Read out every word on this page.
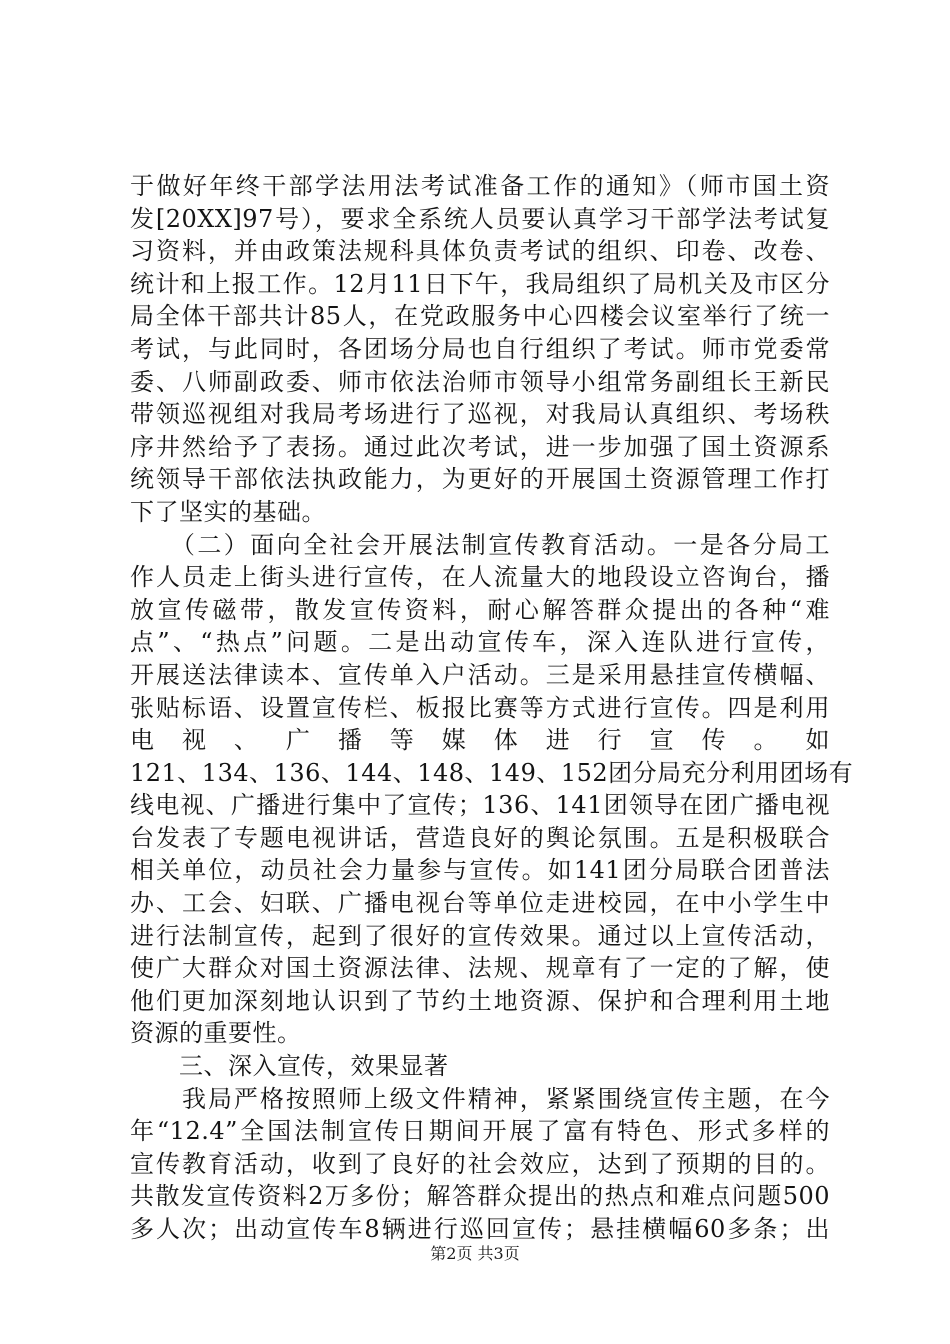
于做好年终干部学法用法考试准备工作的通知》（师市国土资
发[20XX]97号），要求全系统人员要认真学习干部学法考试复
习资料，并由政策法规科具体负责考试的组织、印卷、改卷、
统计和上报工作。12月11日下午，我局组织了局机关及市区分
局全体干部共计85人，在党政服务中心四楼会议室举行了统一
考试，与此同时，各团场分局也自行组织了考试。师市党委常
委、八师副政委、师市依法治师市领导小组常务副组长王新民
带领巡视组对我局考场进行了巡视，对我局认真组织、考场秩
序井然给予了表扬。通过此次考试，进一步加强了国土资源系
统领导干部依法执政能力，为更好的开展国土资源管理工作打
下了坚实的基础。
　　（二）面向全社会开展法制宣传教育活动。一是各分局工
作人员走上街头进行宣传，在人流量大的地段设立咨询台，播
放宣传磁带，散发宣传资料，耐心解答群众提出的各种“难
点”、“热点”问题。二是出动宣传车，深入连队进行宣传，
开展送法律读本、宣传单入户活动。三是采用悬挂宣传横幅、
张贴标语、设置宣传栏、板报比赛等方式进行宣传。四是利用
电视、广播等媒体进行宣传。如
121、134、136、144、148、149、152团分局充分利用团场有
线电视、广播进行集中了宣传；136、141团领导在团广播电视
台发表了专题电视讲话，营造良好的舆论氛围。五是积极联合
相关单位，动员社会力量参与宣传。如141团分局联合团普法
办、工会、妇联、广播电视台等单位走进校园，在中小学生中
进行法制宣传，起到了很好的宣传效果。通过以上宣传活动，
使广大群众对国土资源法律、法规、规章有了一定的了解，使
他们更加深刻地认识到了节约土地资源、保护和合理利用土地
资源的重要性。
　　三、深入宣传，效果显著
　　我局严格按照师上级文件精神，紧紧围绕宣传主题，在今
年“12.4”全国法制宣传日期间开展了富有特色、形式多样的
宣传教育活动，收到了良好的社会效应，达到了预期的目的。
共散发宣传资料2万多份；解答群众提出的热点和难点问题500
多人次；出动宣传车8辆进行巡回宣传；悬挂横幅60多条；出
第2页 共3页
